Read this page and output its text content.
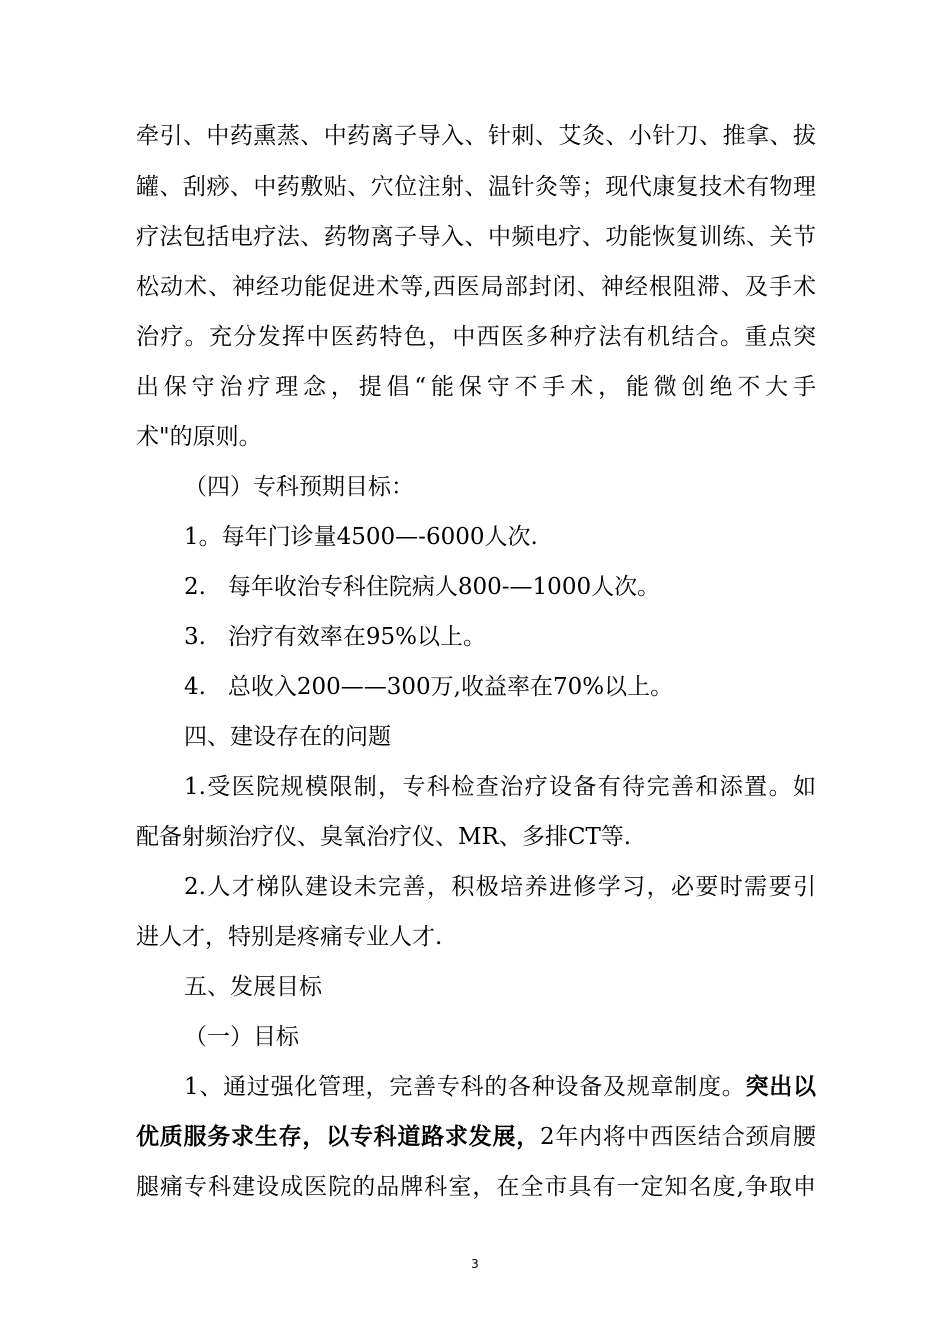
牵引、中药熏蒸、中药离子导入、针刺、艾灸、小针刀、推拿、拔
罐、刮痧、中药敷贴、穴位注射、温针灸等；现代康复技术有物理
疗法包括电疗法、药物离子导入、中频电疗、功能恢复训练、关节
松动术、神经功能促进术等,西医局部封闭、神经根阻滞、及手术
治疗。充分发挥中医药特色，中西医多种疗法有机结合。重点突
出保守治疗理念，提倡“能保守不手术，能微创绝不大手
术"的原则。
（四）专科预期目标：
1。每年门诊量4500—-6000人次.
2.   每年收治专科住院病人800-—1000人次。
3.   治疗有效率在95%以上。
4.   总收入200——300万,收益率在70%以上。
四、建设存在的问题
1.受医院规模限制，专科检查治疗设备有待完善和添置。如
配备射频治疗仪、臭氧治疗仪、MR、多排CT等.
2.人才梯队建设未完善，积极培养进修学习，必要时需要引
进人才，特别是疼痛专业人才.
五、发展目标
（一）目标
1、通过强化管理，完善专科的各种设备及规章制度。突出以
优质服务求生存，以专科道路求发展，2年内将中西医结合颈肩腰
腿痛专科建设成医院的品牌科室，在全市具有一定知名度,争取申
3
